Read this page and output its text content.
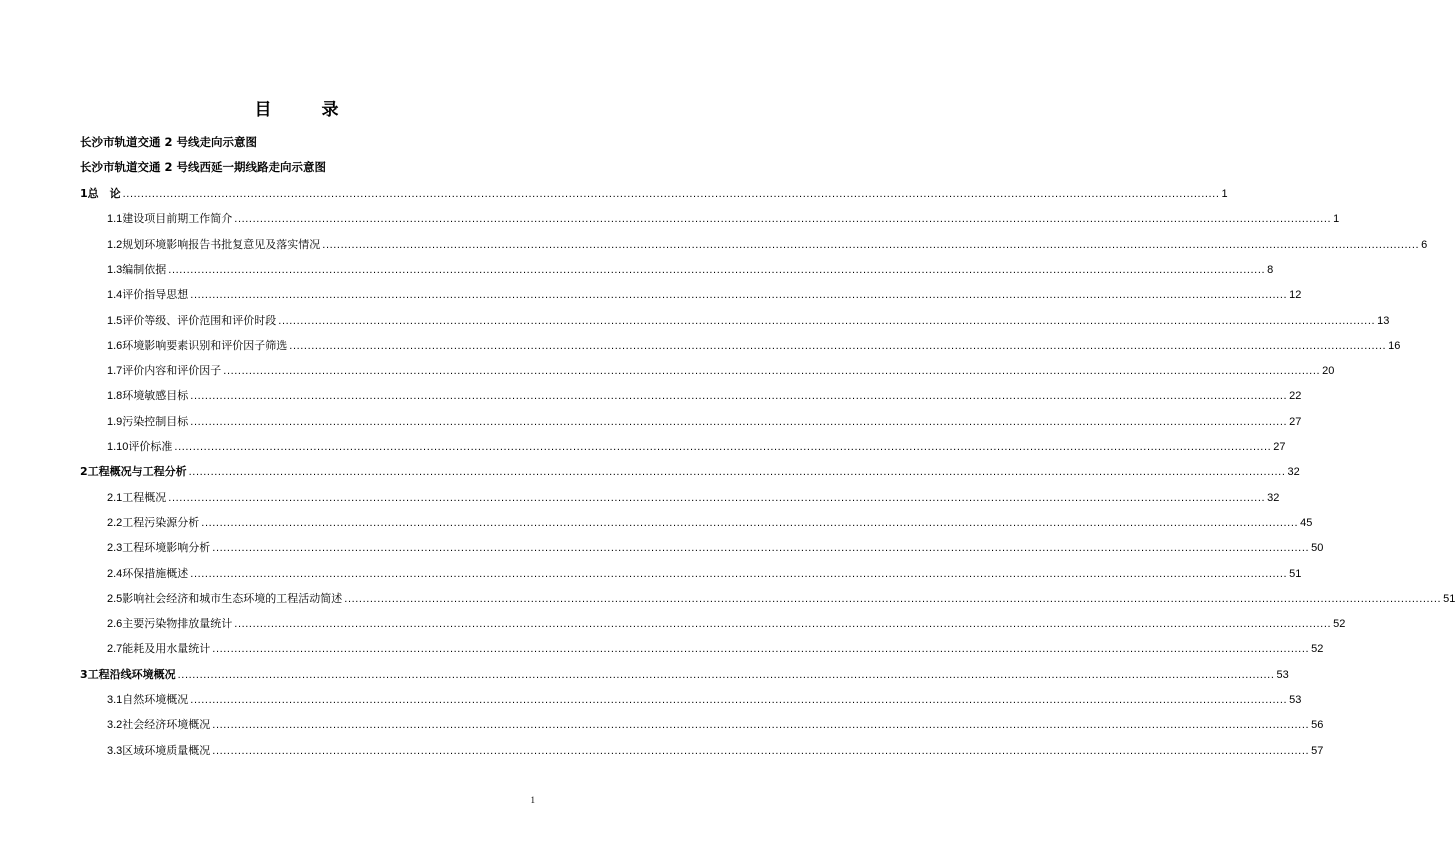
目	录
长沙市轨道交通 2 号线走向示意图
长沙市轨道交通 2 号线西延一期线路走向示意图
1 总　论 ............................................................................................................................................................................................................................................................................................................ 1
1.1 建设项目前期工作简介 ............................................................................................................................................................................................................................................................................................................ 1
1.2 规划环境影响报告书批复意见及落实情况 ............................................................................................................................................................................................................................................................................................................ 6
1.3 编制依据 ............................................................................................................................................................................................................................................................................................................ 8
1.4 评价指导思想 ............................................................................................................................................................................................................................................................................................................ 12
1.5 评价等级、评价范围和评价时段 ............................................................................................................................................................................................................................................................................................................ 13
1.6 环境影响要素识别和评价因子筛选 ............................................................................................................................................................................................................................................................................................................ 16
1.7 评价内容和评价因子 ............................................................................................................................................................................................................................................................................................................ 20
1.8 环境敏感目标 ............................................................................................................................................................................................................................................................................................................ 22
1.9 污染控制目标 ............................................................................................................................................................................................................................................................................................................ 27
1.10 评价标准 ............................................................................................................................................................................................................................................................................................................ 27
2 工程概况与工程分析 ............................................................................................................................................................................................................................................................................................................ 32
2.1 工程概况 ............................................................................................................................................................................................................................................................................................................ 32
2.2 工程污染源分析 ............................................................................................................................................................................................................................................................................................................ 45
2.3 工程环境影响分析 ............................................................................................................................................................................................................................................................................................................ 50
2.4 环保措施概述 ............................................................................................................................................................................................................................................................................................................ 51
2.5 影响社会经济和城市生态环境的工程活动简述 ............................................................................................................................................................................................................................................................................................................ 51
2.6 主要污染物排放量统计 ............................................................................................................................................................................................................................................................................................................ 52
2.7 能耗及用水量统计 ............................................................................................................................................................................................................................................................................................................ 52
3 工程沿线环境概况 ............................................................................................................................................................................................................................................................................................................ 53
3.1 自然环境概况 ............................................................................................................................................................................................................................................................................................................ 53
3.2 社会经济环境概况 ............................................................................................................................................................................................................................................................................................................ 56
3.3 区域环境质量概况 ............................................................................................................................................................................................................................................................................................................ 57
1
